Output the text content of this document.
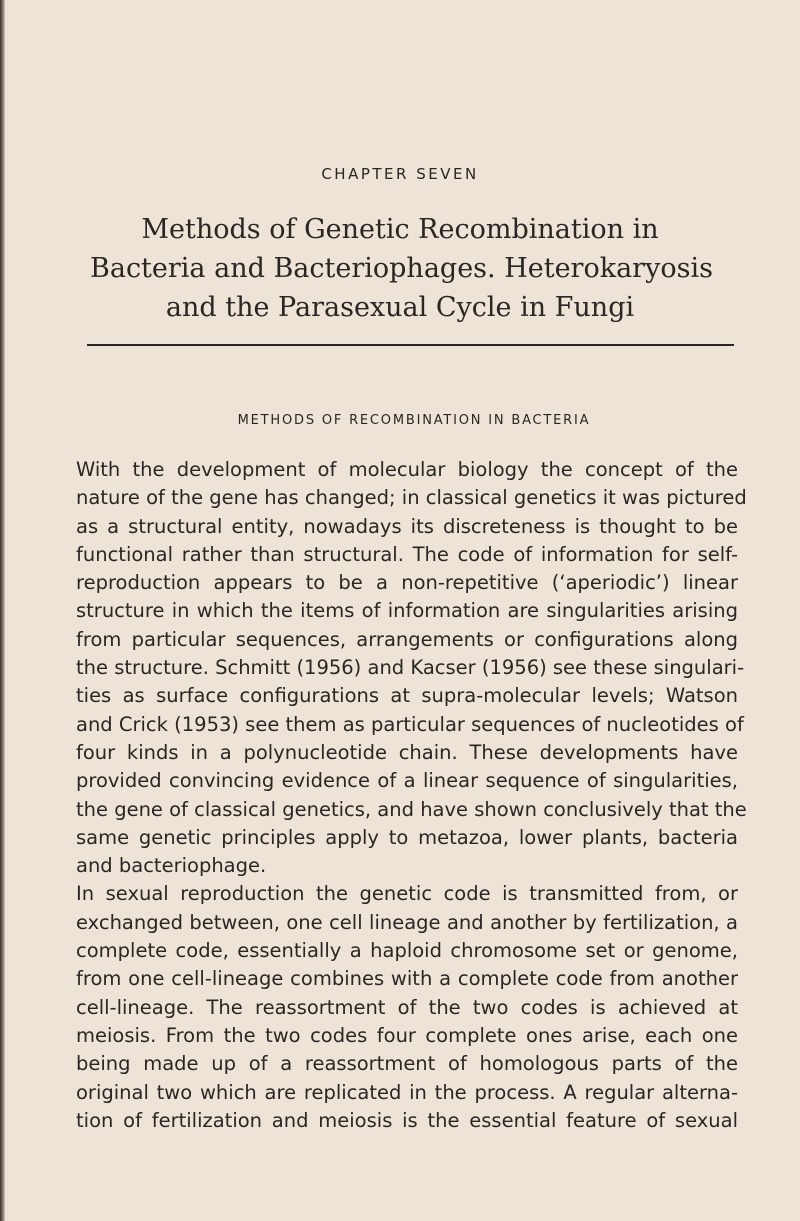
CHAPTER SEVEN
Methods of Genetic Recombination in
Bacteria and Bacteriophages. Heterokaryosis
and the Parasexual Cycle in Fungi
METHODS OF RECOMBINATION IN BACTERIA
With the development of molecular biology the concept of the
nature of the gene has changed; in classical genetics it was pictured
as a structural entity, nowadays its discreteness is thought to be
functional rather than structural. The code of information for self-
reproduction appears to be a non-repetitive (‘aperiodic’) linear
structure in which the items of information are singularities arising
from particular sequences, arrangements or configurations along
the structure. Schmitt (1956) and Kacser (1956) see these singulari-
ties as surface configurations at supra-molecular levels; Watson
and Crick (1953) see them as particular sequences of nucleotides of
four kinds in a polynucleotide chain. These developments have
provided convincing evidence of a linear sequence of singularities,
the gene of classical genetics, and have shown conclusively that the
same genetic principles apply to metazoa, lower plants, bacteria
and bacteriophage.
In sexual reproduction the genetic code is transmitted from, or
exchanged between, one cell lineage and another by fertilization, a
complete code, essentially a haploid chromosome set or genome,
from one cell-lineage combines with a complete code from another
cell-lineage. The reassortment of the two codes is achieved at
meiosis. From the two codes four complete ones arise, each one
being made up of a reassortment of homologous parts of the
original two which are replicated in the process. A regular alterna-
tion of fertilization and meiosis is the essential feature of sexual
